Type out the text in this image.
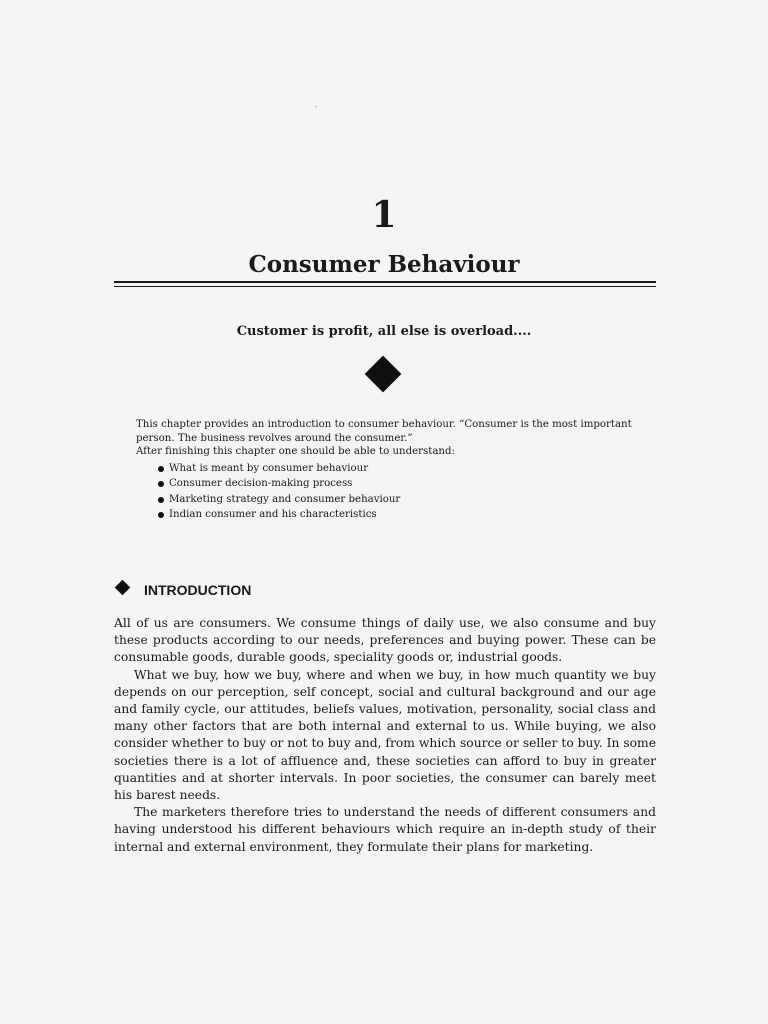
1
Consumer Behaviour
Customer is profit, all else is overload....

This chapter provides an introduction to consumer behaviour. “Consumer is the most important person. The business revolves around the consumer.”

After finishing this chapter one should be able to understand:

What is meant by consumer behaviour
Consumer decision-making process
Marketing strategy and consumer behaviour
Indian consumer and his characteristics
INTRODUCTION

All of us are consumers. We consume things of daily use, we also consume and buy these products according to our needs, preferences and buying power. These can be consumable goods, durable goods, speciality goods or, industrial goods.

What we buy, how we buy, where and when we buy, in how much quantity we buy depends on our perception, self concept, social and cultural background and our age and family cycle, our attitudes, beliefs values, motivation, personality, social class and many other factors that are both internal and external to us. While buying, we also consider whether to buy or not to buy and, from which source or seller to buy. In some societies there is a lot of affluence and, these societies can afford to buy in greater quantities and at shorter intervals. In poor societies, the consumer can barely meet his barest needs.

The marketers therefore tries to understand the needs of different consumers and having understood his different behaviours which require an in-depth study of their internal and external environment, they formulate their plans for marketing.
